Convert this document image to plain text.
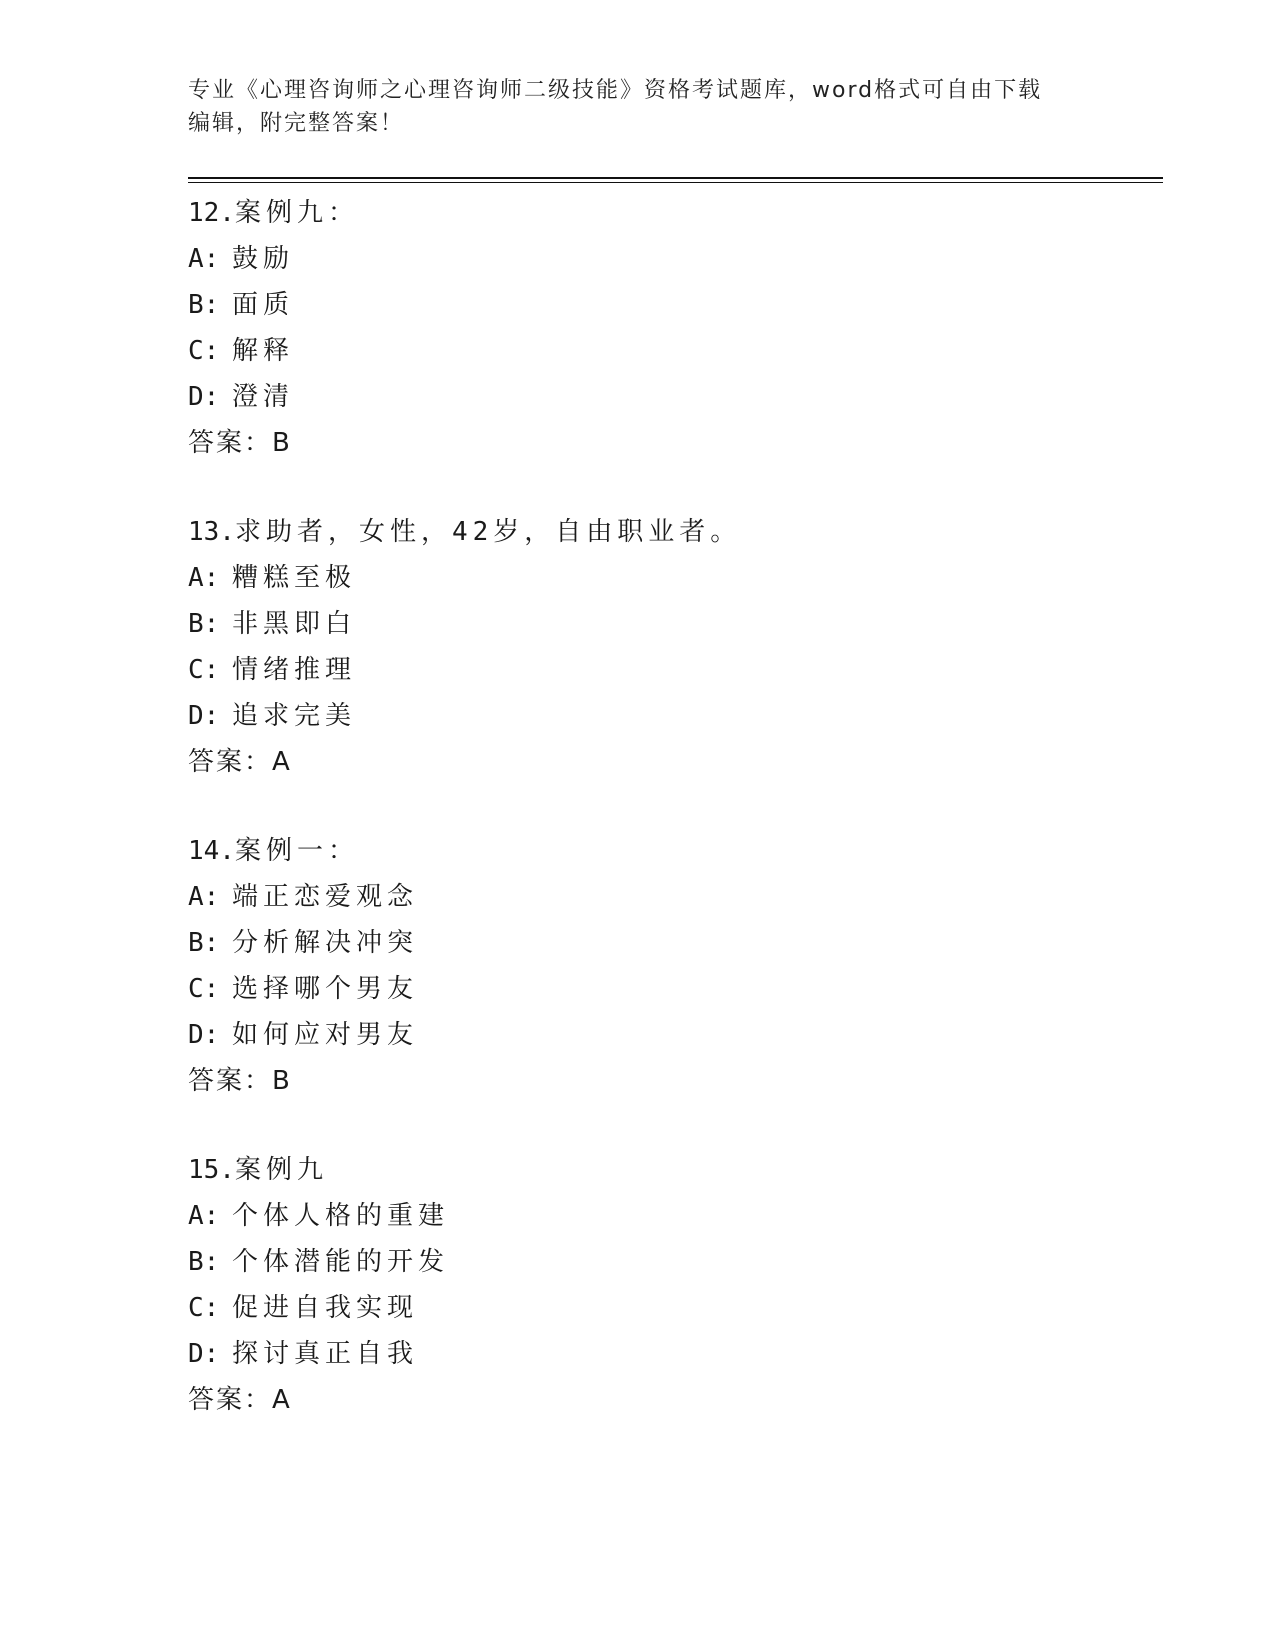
专业《心理咨询师之心理咨询师二级技能》资格考试题库，word格式可自由下载
编辑，附完整答案！
12.案例九：
A: 鼓励
B: 面质
C: 解释
D: 澄清
答案：B
13.求助者，女性，42岁，自由职业者。
A: 糟糕至极
B: 非黑即白
C: 情绪推理
D: 追求完美
答案：A
14.案例一：
A: 端正恋爱观念
B: 分析解决冲突
C: 选择哪个男友
D: 如何应对男友
答案：B
15.案例九
A: 个体人格的重建
B: 个体潜能的开发
C: 促进自我实现
D: 探讨真正自我
答案：A
